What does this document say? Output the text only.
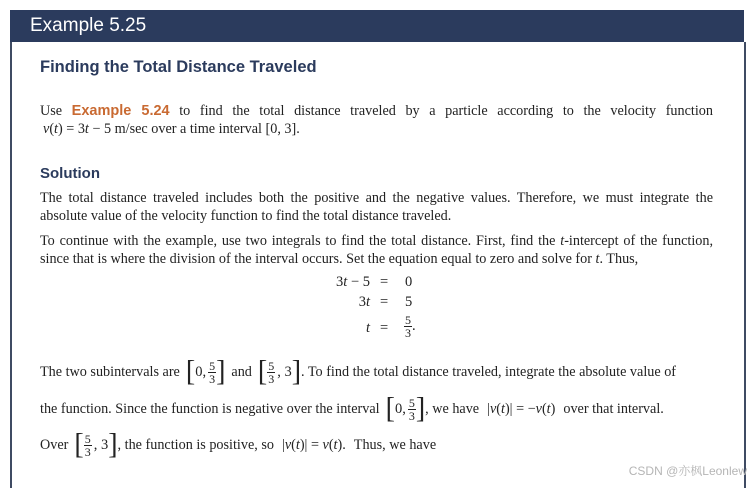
Example 5.25
Finding the Total Distance Traveled
Use Example 5.24 to find the total distance traveled by a particle according to the velocity function
v(t) = 3t − 5 m/sec over a time interval [0, 3].
Solution
The total distance traveled includes both the positive and the negative values. Therefore, we must integrate the absolute value of the velocity function to find the total distance traveled.
To continue with the example, use two integrals to find the total distance. First, find the t-intercept of the function, since that is where the division of the interval occurs. Set the equation equal to zero and solve for t. Thus,
3t − 5 = 0
3t = 5
$t = \frac{5}{3}$ .
The two subintervals are [ 0, $\frac{5}{3}$ ] and [ $\frac{5}{3}$ , 3 ] . To find the total distance traveled, integrate the absolute value of
the function. Since the function is negative over the interval [ 0, $\frac{5}{3}$ ] , we have |v(t)| = −v(t) over that interval.
Over [ $\frac{5}{3}$ , 3 ] , the function is positive, so |v(t)| = v(t). Thus, we have
CSDN @亦枫Leonlew
